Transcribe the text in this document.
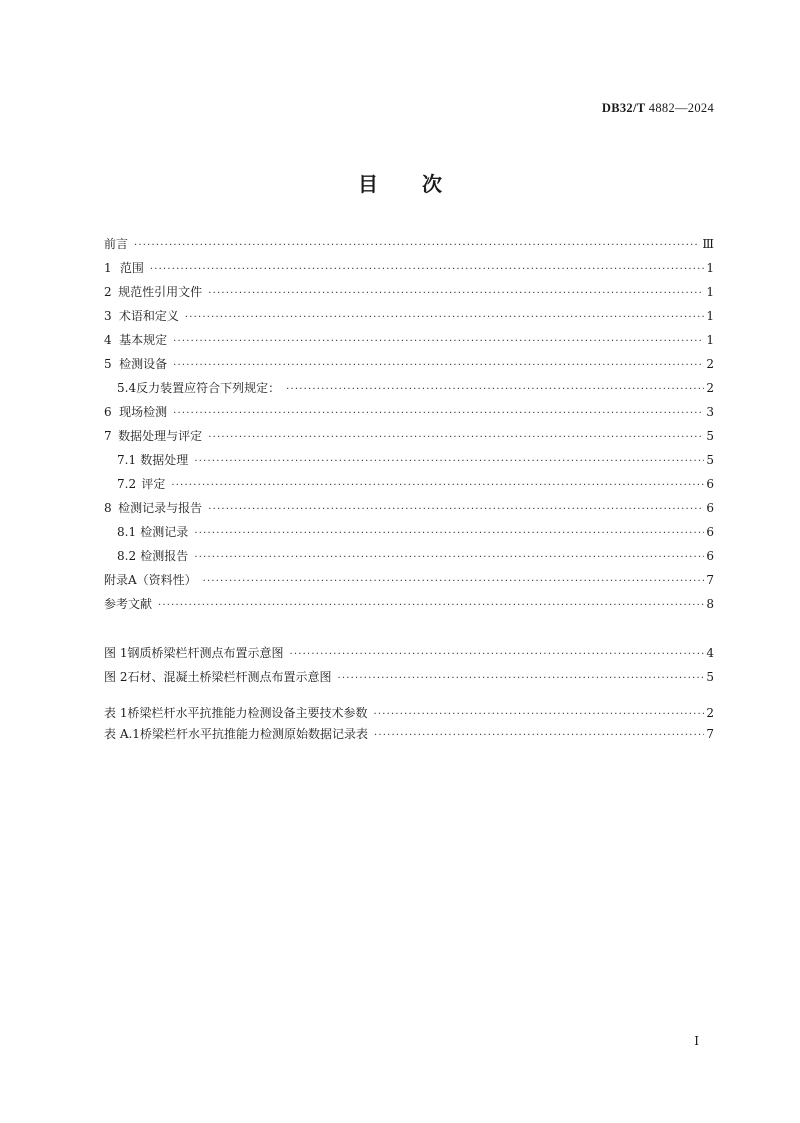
DB32/T 4882—2024
目 次
前言 ·····	Ⅲ
1 范围 ·····	1
2 规范性引用文件 ·····	1
3 术语和定义 ·····	1
4 基本规定 ·····	1
5 检测设备 ·····	2
5.4 反力装置应符合下列规定： ·····	2
6 现场检测 ·····	3
7 数据处理与评定 ·····	5
7.1 数据处理 ·····	5
7.2 评定 ·····	6
8 检测记录与报告 ·····	6
8.1 检测记录 ·····	6
8.2 检测报告 ·····	6
附录A（资料性） ·····	7
参考文献 ·····	8
图 1 钢质桥梁栏杆测点布置示意图 ·····	4
图 2 石材、混凝土桥梁栏杆测点布置示意图 ·····	5
表 1 桥梁栏杆水平抗推能力检测设备主要技术参数 ·····	2
表 A.1 桥梁栏杆水平抗推能力检测原始数据记录表 ·····	7
I
